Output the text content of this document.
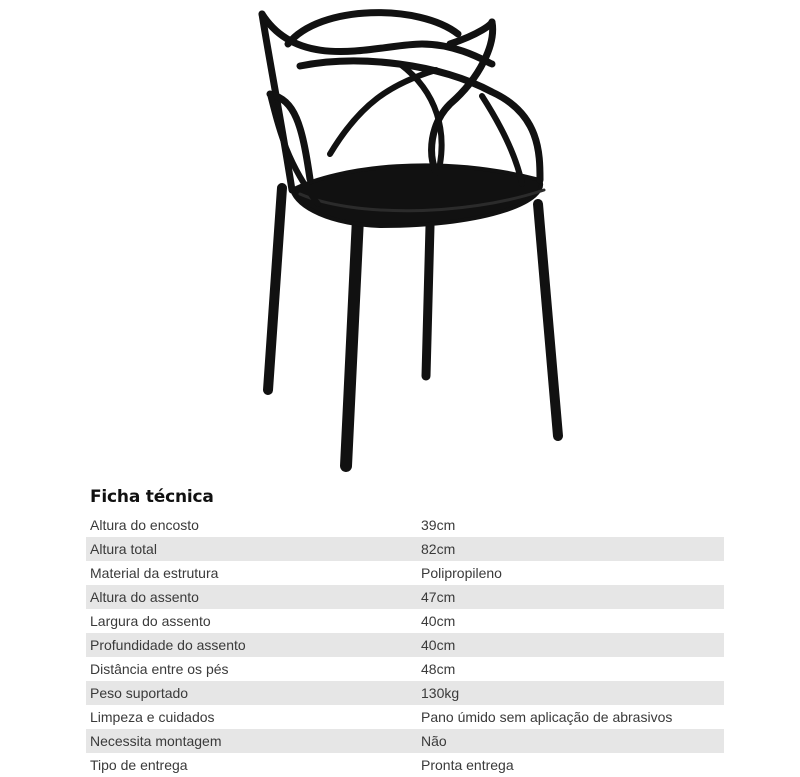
Ficha técnica
Altura do encosto	39cm
Altura total	82cm
Material da estrutura	Polipropileno
Altura do assento	47cm
Largura do assento	40cm
Profundidade do assento	40cm
Distância entre os pés	48cm
Peso suportado	130kg
Limpeza e cuidados	Pano úmido sem aplicação de abrasivos
Necessita montagem	Não
Tipo de entrega	Pronta entrega
